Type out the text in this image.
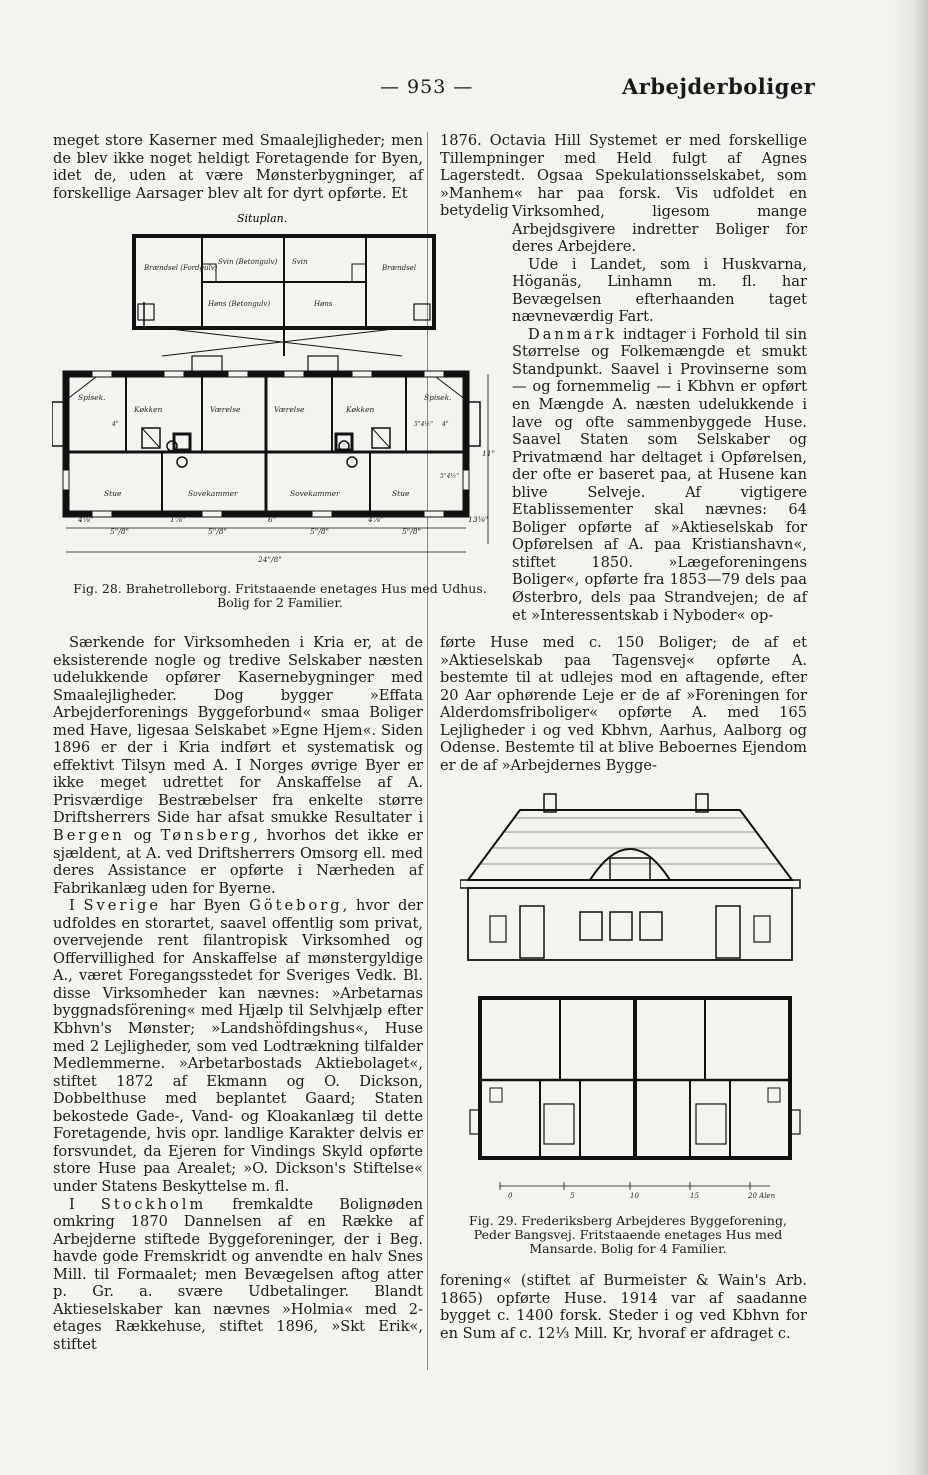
— 953 —	Arbejderboliger

meget store Kaserner med Smaalejligheder; men de blev ikke noget heldigt Foretagende for Byen, idet de, uden at være Mønsterbygninger, af forskellige Aarsager blev alt for dyrt opførte. Et

Situplan.
Brændsel (Fordgulv)
Svin (Betongulv) Svin
Brændsel
Høns (Betongulv)	Høns
Spisek.
Køkken	Værelse	Værelse	Køkken
Spisek.
Stue	Sovekammer	Sovekammer	Stue
4⅛"
5"/8"
1⅞"
5"/8"
6"
5"/8"
4⅞"
5"/8"
13⅜"
24"/8"
11"
5"4½"
5"4½"
4"	4"
Fig. 28. Brahetrolleborg. Fritstaaende enetages Hus med Udhus.
Bolig for 2 Familier.

Særkende for Virksomheden i Kria er, at de eksisterende nogle og tredive Selskaber næsten udelukkende opfører Kasernebygninger med Smaalejligheder. Dog bygger »Effata Arbejderforenings Byggeforbund« smaa Boliger med Have, ligesaa Selskabet »Egne Hjem«. Siden 1896 er der i Kria indført et systematisk og effektivt Tilsyn med A. I Norges øvrige Byer er ikke meget udrettet for Anskaffelse af A. Prisværdige Bestræbelser fra enkelte større Driftsherrers Side har afsat smukke Resultater i Bergen og Tønsberg, hvorhos det ikke er sjældent, at A. ved Driftsherrers Omsorg ell. med deres Assistance er opførte i Nærheden af Fabrikanlæg uden for Byerne.

I Sverige har Byen Göteborg, hvor der udfoldes en storartet, saavel offentlig som privat, overvejende rent filantropisk Virksomhed og Offervillighed for Anskaffelse af mønstergyldige A., været Foregangsstedet for Sveriges Vedk. Bl. disse Virksomheder kan nævnes: »Arbetarnas byggnadsförening« med Hjælp til Selvhjælp efter Kbhvn's Mønster; »Landshöfdingshus«, Huse med 2 Lejligheder, som ved Lodtrækning tilfalder Medlemmerne. »Arbetarbostads Aktiebolaget«, stiftet 1872 af Ekmann og O. Dickson, Dobbelthuse med beplantet Gaard; Staten bekostede Gade-, Vand- og Kloakanlæg til dette Foretagende, hvis opr. landlige Karakter delvis er forsvundet, da Ejeren for Vindings Skyld opførte store Huse paa Arealet; »O. Dickson's Stiftelse« under Statens Beskyttelse m. fl.

I Stockholm fremkaldte Bolignøden omkring 1870 Dannelsen af en Række af Arbejderne stiftede Byggeforeninger, der i Beg. havde gode Fremskridt og anvendte en halv Snes Mill. til Formaalet; men Bevægelsen aftog atter p. Gr. a. svære Udbetalinger. Blandt Aktieselskaber kan nævnes »Holmia« med 2-etages Rækkehuse, stiftet 1896, »Skt Erik«, stiftet

1876. Octavia Hill Systemet er med forskellige Tillempninger med Held fulgt af Agnes Lagerstedt. Ogsaa Spekulationsselskabet, som »Manhem« har paa forsk. Vis udfoldet en betydelig Virksomhed, ligesom mange Arbejdsgivere indretter Boliger for deres Arbejdere.

Ude i Landet, som i Huskvarna, Höganäs, Linhamn m. fl. har Bevægelsen efterhaanden taget nævneværdig Fart.

Danmark indtager i Forhold til sin Størrelse og Folkemængde et smukt Standpunkt. Saavel i Provinserne som — og fornemmelig — i Kbhvn er opført en Mængde A. næsten udelukkende i lave og ofte sammenbyggede Huse. Saavel Staten som Selskaber og Privatmænd har deltaget i Opførelsen, der ofte er baseret paa, at Husene kan blive Selveje. Af vigtigere Etablissementer skal nævnes: 64 Boliger opførte af »Aktieselskab for Opførelsen af A. paa Kristianshavn«, stiftet 1850. »Lægeforeningens Boliger«, opførte fra 1853—79 dels paa Østerbro, dels paa Strandvejen; de af et »Interessentskab i Nyboder« op-

førte Huse med c. 150 Boliger; de af et »Aktieselskab paa Tagensvej« opførte A. bestemte til at udlejes mod en aftagende, efter 20 Aar ophørende Leje er de af »Foreningen for Alderdomsfriboliger« opførte A. med 165 Lejligheder i og ved Kbhvn, Aarhus, Aalborg og Odense. Bestemte til at blive Beboernes Ejendom er de af »Arbejdernes Bygge-

0	5	10	15	20 Alen
Fig. 29. Frederiksberg Arbejderes Byggeforening,
Peder Bangsvej. Fritstaaende enetages Hus med
Mansarde. Bolig for 4 Familier.

forening« (stiftet af Burmeister & Wain's Arb. 1865) opførte Huse. 1914 var af saadanne bygget c. 1400 forsk. Steder i og ved Kbhvn for en Sum af c. 12⅓ Mill. Kr, hvoraf er afdraget c.
